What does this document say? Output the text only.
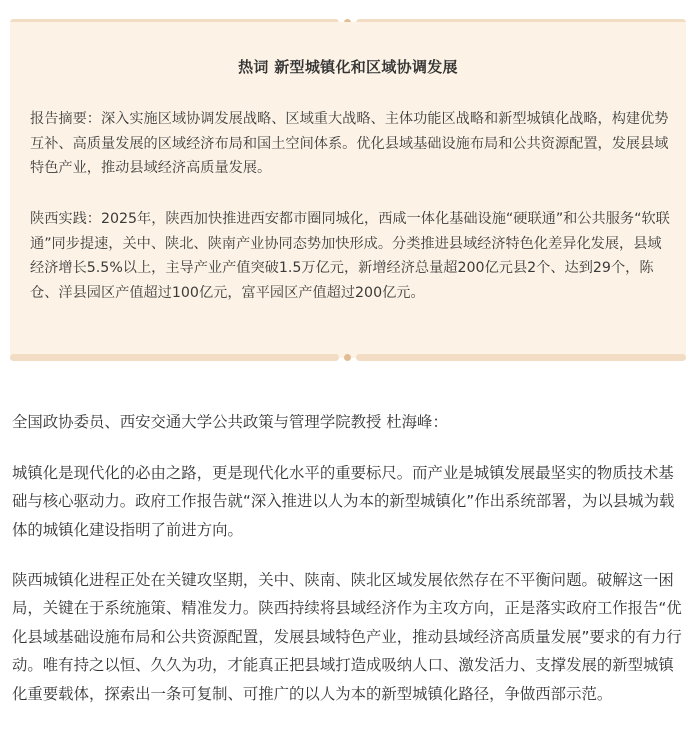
热词 新型城镇化和区域协调发展

报告摘要：深入实施区域协调发展战略、区域重大战略、主体功能区战略和新型城镇化战略，构建优势互补、高质量发展的区域经济布局和国土空间体系。优化县域基础设施布局和公共资源配置，发展县域特色产业，推动县域经济高质量发展。

陕西实践：2025年，陕西加快推进西安都市圈同城化，西咸一体化基础设施“硬联通”和公共服务“软联通”同步提速，关中、陕北、陕南产业协同态势加快形成。分类推进县域经济特色化差异化发展，县域经济增长5.5%以上，主导产业产值突破1.5万亿元，新增经济总量超200亿元县2个、达到29个，陈仓、洋县园区产值超过100亿元，富平园区产值超过200亿元。

全国政协委员、西安交通大学公共政策与管理学院教授 杜海峰：

城镇化是现代化的必由之路，更是现代化水平的重要标尺。而产业是城镇发展最坚实的物质技术基础与核心驱动力。政府工作报告就“深入推进以人为本的新型城镇化”作出系统部署，为以县城为载体的城镇化建设指明了前进方向。

陕西城镇化进程正处在关键攻坚期，关中、陕南、陕北区域发展依然存在不平衡问题。破解这一困局，关键在于系统施策、精准发力。陕西持续将县域经济作为主攻方向，正是落实政府工作报告“优化县域基础设施布局和公共资源配置，发展县域特色产业，推动县域经济高质量发展”要求的有力行动。唯有持之以恒、久久为功，才能真正把县域打造成吸纳人口、激发活力、支撑发展的新型城镇化重要载体，探索出一条可复制、可推广的以人为本的新型城镇化路径，争做西部示范。
